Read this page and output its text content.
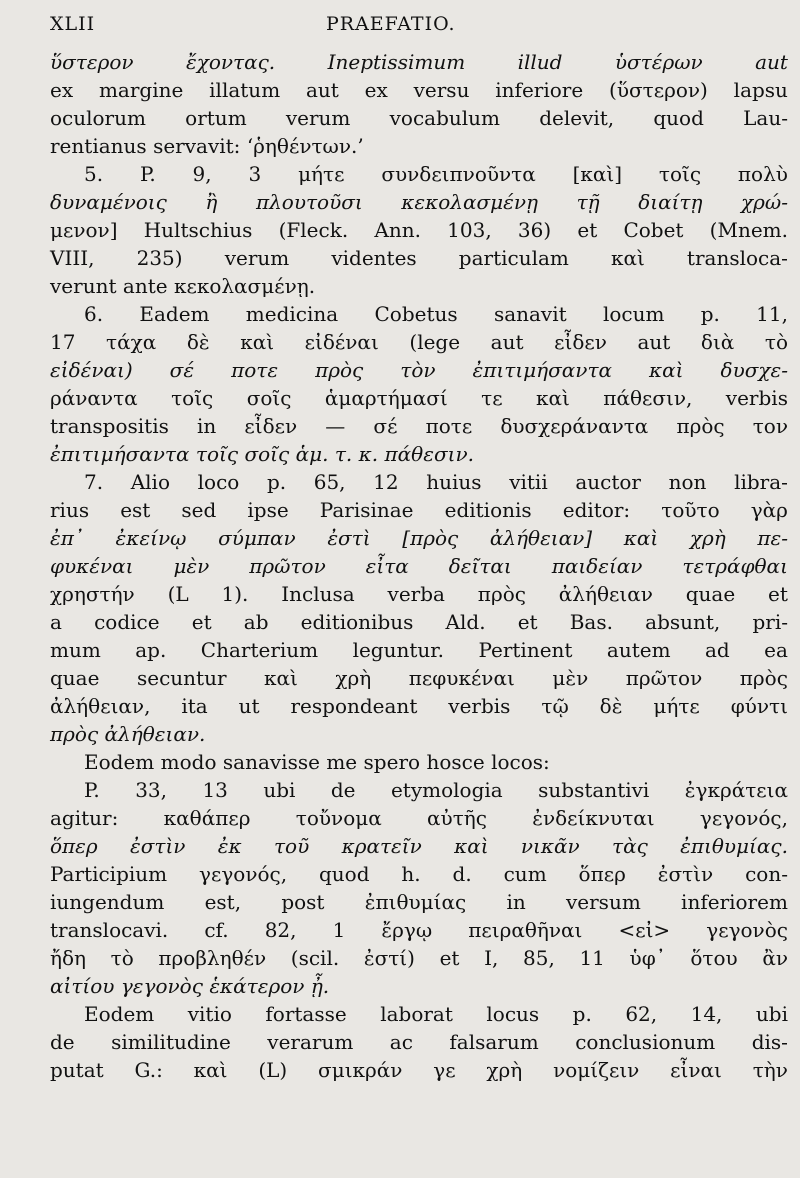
XLII	PRAEFATIO.
ὕστερον	ἔχοντας.	Ineptissimum	illud	ὑστέρων	aut
ex margine illatum aut ex versu inferiore (ὕστερον) lapsu
oculorum ortum verum vocabulum delevit, quod Lau-
rentianus servavit: ‘ῥηθέντων.’
5. P. 9, 3 μήτε συνδειπνοῦντα [καὶ] τοῖς πολὺ
δυναμένοις ἢ πλουτοῦσι κεκολασμένῃ τῇ διαίτῃ χρώ-
μενον] Hultschius (Fleck. Ann. 103, 36) et Cobet (Mnem.
VIII, 235) verum videntes particulam καὶ transloca-
verunt ante κεκολασμένῃ.
6. Eadem medicina Cobetus sanavit locum p. 11,
17 τάχα δὲ καὶ εἰδέναι (lege aut εἶδεν aut διὰ τὸ
εἰδέναι) σέ ποτε πρὸς τὸν ἐπιτιμήσαντα καὶ δυσχε-
ράναντα τοῖς σοῖς ἁμαρτήμασί τε καὶ πάθεσιν, verbis
transpositis in εἶδεν — σέ ποτε δυσχεράναντα πρὸς τον
ἐπιτιμήσαντα τοῖς σοῖς ἁμ. τ. κ. πάθεσιν.
7. Alio loco p. 65, 12 huius vitii auctor non libra-
rius est sed ipse Parisinae editionis editor: τοῦτο γὰρ
ἐπ᾽ ἐκείνῳ σύμπαν ἐστὶ [πρὸς ἀλήθειαν] καὶ χρὴ πε-
φυκέναι μὲν πρῶτον εἶτα δεῖται παιδείαν τετράφθαι
χρηστήν (L 1). Inclusa verba πρὸς ἀλήθειαν quae et
a codice et ab editionibus Ald. et Bas. absunt, pri-
mum ap. Charterium leguntur. Pertinent autem ad ea
quae secuntur καὶ χρὴ πεφυκέναι μὲν πρῶτον πρὸς
ἀλήθειαν, ita ut respondeant verbis τῷ δὲ μήτε φύντι
πρὸς ἀλήθειαν.
Eodem modo sanavisse me spero hosce locos:
P. 33, 13 ubi de etymologia substantivi ἐγκράτεια
agitur: καθάπερ τοὔνομα αὐτῆς ἐνδείκνυται γεγονός,
ὅπερ ἐστὶν ἐκ τοῦ κρατεῖν καὶ νικᾶν τὰς ἐπιθυμίας.
Participium γεγονός, quod h. d. cum ὅπερ ἐστὶν con-
iungendum est, post ἐπιθυμίας in versum inferiorem
translocavi. cf. 82, 1 ἔργῳ πειραθῆναι <εἰ> γεγονὸς
ἤδη τὸ προβληθέν (scil. ἐστί) et I, 85, 11 ὑφ᾽ ὅτου ἂν
αἰτίου γεγονὸς ἑκάτερον ᾖ.
Eodem vitio fortasse laborat locus p. 62, 14, ubi
de similitudine verarum ac falsarum conclusionum dis-
putat G.: καὶ (L) σμικράν γε χρὴ νομίζειν εἶναι τὴν
